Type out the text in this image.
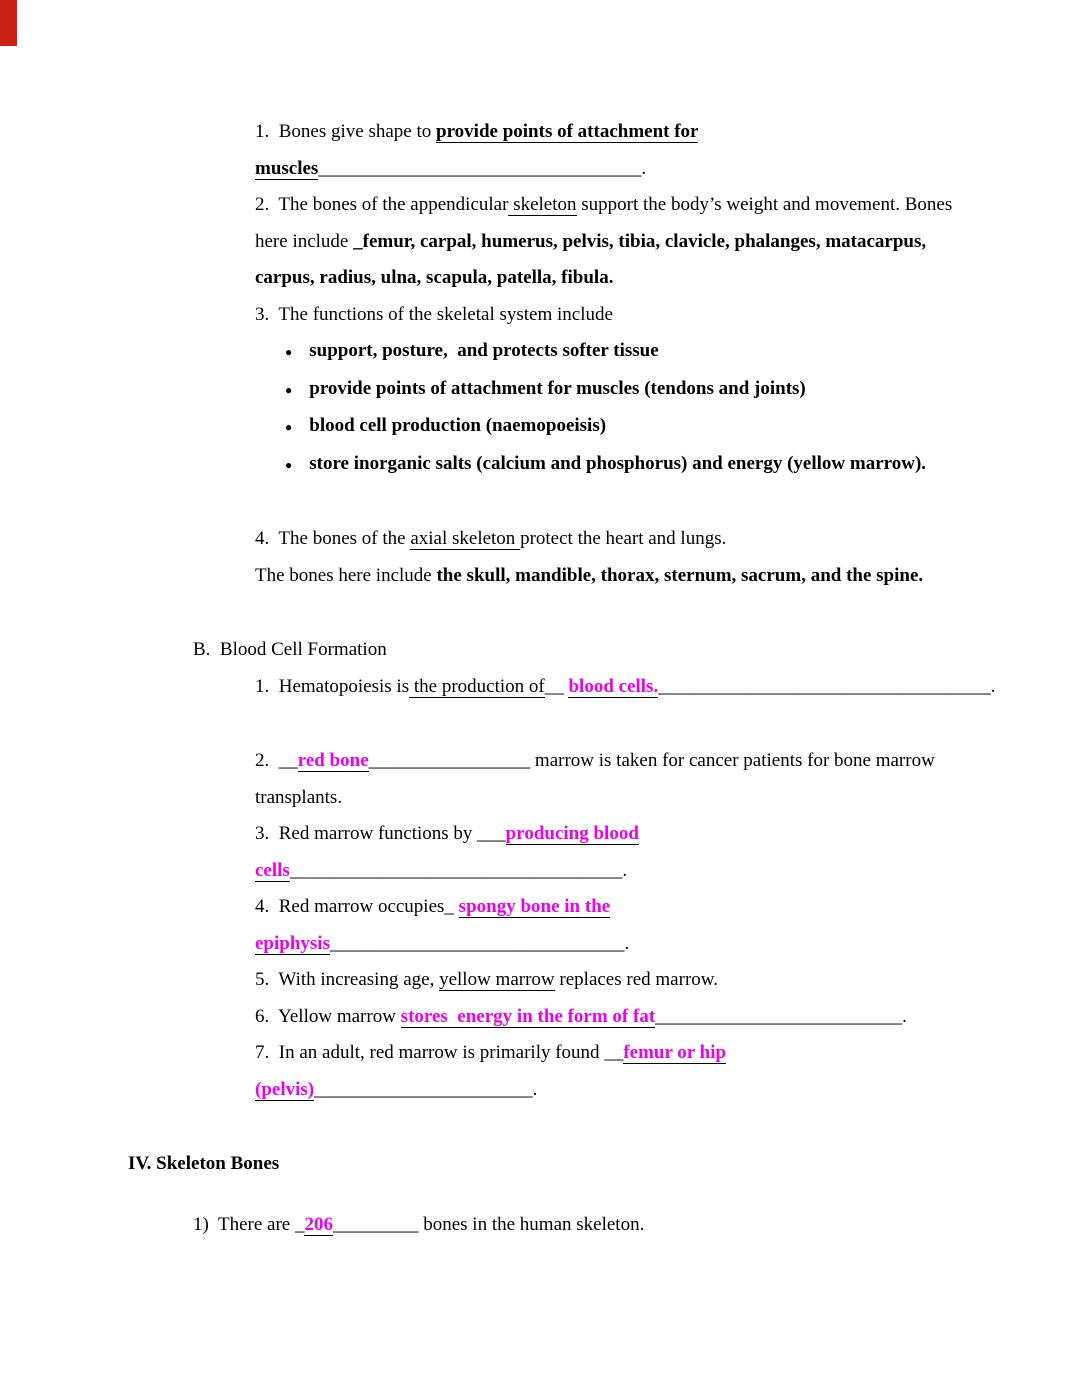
1.  Bones give shape to provide points of attachment for
muscles__________________________________.
2.  The bones of the appendicular skeleton support the body’s weight and movement. Bones
here include _femur, carpal, humerus, pelvis, tibia, clavicle, phalanges, matacarpus,
carpus, radius, ulna, scapula, patella, fibula.
3.  The functions of the skeletal system include
● support, posture,  and protects softer tissue
● provide points of attachment for muscles (tendons and joints)
● blood cell production (naemopoeisis)
● store inorganic salts (calcium and phosphorus) and energy (yellow marrow).
4.  The bones of the axial skeleton protect the heart and lungs.
The bones here include the skull, mandible, thorax, sternum, sacrum, and the spine.
B.  Blood Cell Formation
1.  Hematopoiesis is the production of__ blood cells.___________________________________.
2.  __red bone_________________ marrow is taken for cancer patients for bone marrow
transplants.
3.  Red marrow functions by ___producing blood
cells___________________________________.
4.  Red marrow occupies_ spongy bone in the
epiphysis_______________________________.
5.  With increasing age, yellow marrow replaces red marrow.
6.  Yellow marrow stores  energy in the form of fat__________________________.
7.  In an adult, red marrow is primarily found __femur or hip
(pelvis)_______________________.
IV. Skeleton Bones
1)  There are _206_________ bones in the human skeleton.
